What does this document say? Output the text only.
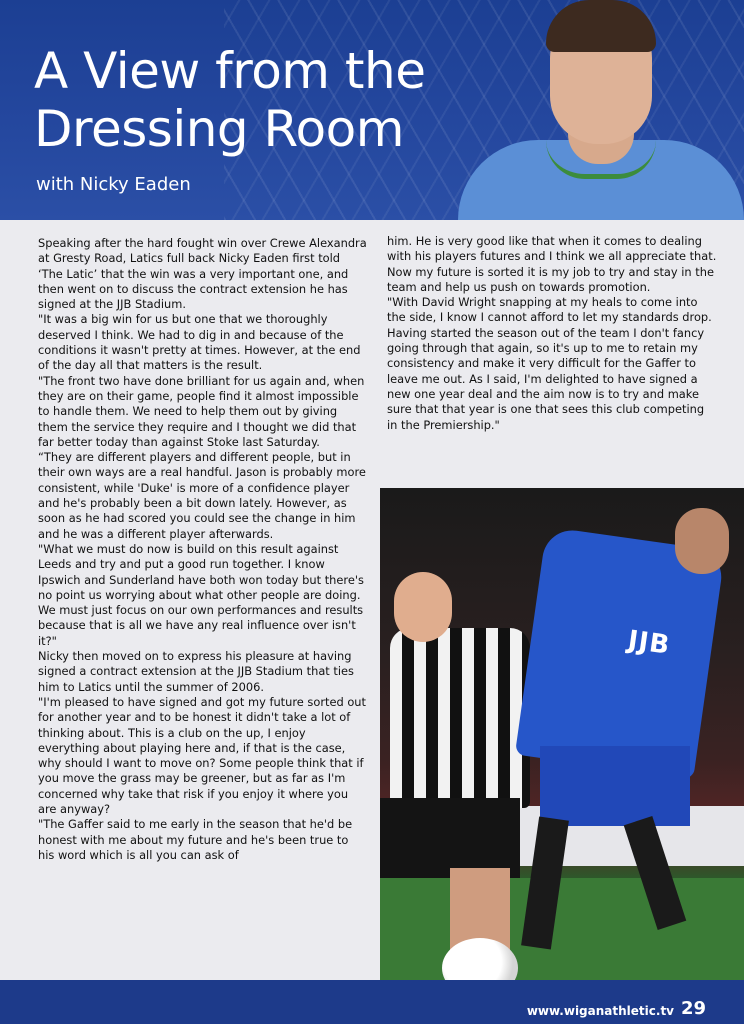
A View from the Dressing Room
with Nicky Eaden

Speaking after the hard fought win over Crewe Alexandra at Gresty Road, Latics full back Nicky Eaden first told ‘The Latic’ that the win was a very important one, and then went on to discuss the contract extension he has signed at the JJB Stadium.

"It was a big win for us but one that we thoroughly deserved I think. We had to dig in and because of the conditions it wasn't pretty at times. However, at the end of the day all that matters is the result.

"The front two have done brilliant for us again and, when they are on their game, people find it almost impossible to handle them. We need to help them out by giving them the service they require and I thought we did that far better today than against Stoke last Saturday.

“They are different players and different people, but in their own ways are a real handful. Jason is probably more consistent, while 'Duke' is more of a confidence player and he's probably been a bit down lately. However, as soon as he had scored you could see the change in him and he was a different player afterwards.

"What we must do now is build on this result against Leeds and try and put a good run together. I know Ipswich and Sunderland have both won today but there's no point us worrying about what other people are doing. We must just focus on our own performances and results because that is all we have any real influence over isn't it?"

Nicky then moved on to express his pleasure at having signed a contract extension at the JJB Stadium that ties him to Latics until the summer of 2006.

"I'm pleased to have signed and got my future sorted out for another year and to be honest it didn't take a lot of thinking about. This is a club on the up, I enjoy everything about playing here and, if that is the case, why should I want to move on? Some people think that if you move the grass may be greener, but as far as I'm concerned why take that risk if you enjoy it where you are anyway?

"The Gaffer said to me early in the season that he'd be honest with me about my future and he's been true to his word which is all you can ask of

him. He is very good like that when it comes to dealing with his players futures and I think we all appreciate that. Now my future is sorted it is my job to try and stay in the team and help us push on towards promotion.

"With David Wright snapping at my heals to come into the side, I know I cannot afford to let my standards drop. Having started the season out of the team I don't fancy going through that again, so it's up to me to retain my consistency and make it very difficult for the Gaffer to leave me out. As I said, I'm delighted to have signed a new one year deal and the aim now is to try and make sure that that year is one that sees this club competing in the Premiership."

JJB
www.wiganathletic.tv 29
